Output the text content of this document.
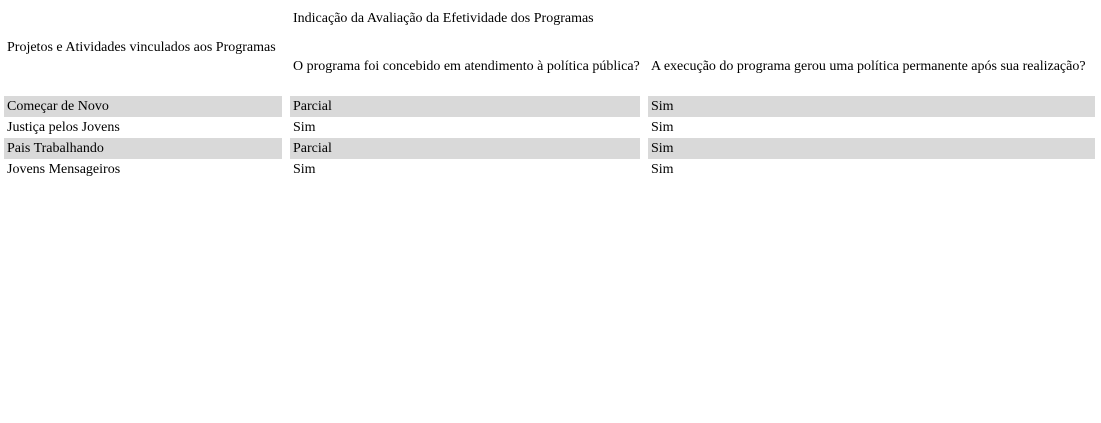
Projetos e Atividades vinculados aos Programas	Indicação da Avaliação da Efetividade dos Programas	
	O programa foi concebido em atendimento à política pública?	A execução do programa gerou uma política permanente após sua realização?
Começar de Novo	Parcial	Sim
Justiça pelos Jovens	Sim	Sim
Pais Trabalhando	Parcial	Sim
Jovens Mensageiros	Sim	Sim
